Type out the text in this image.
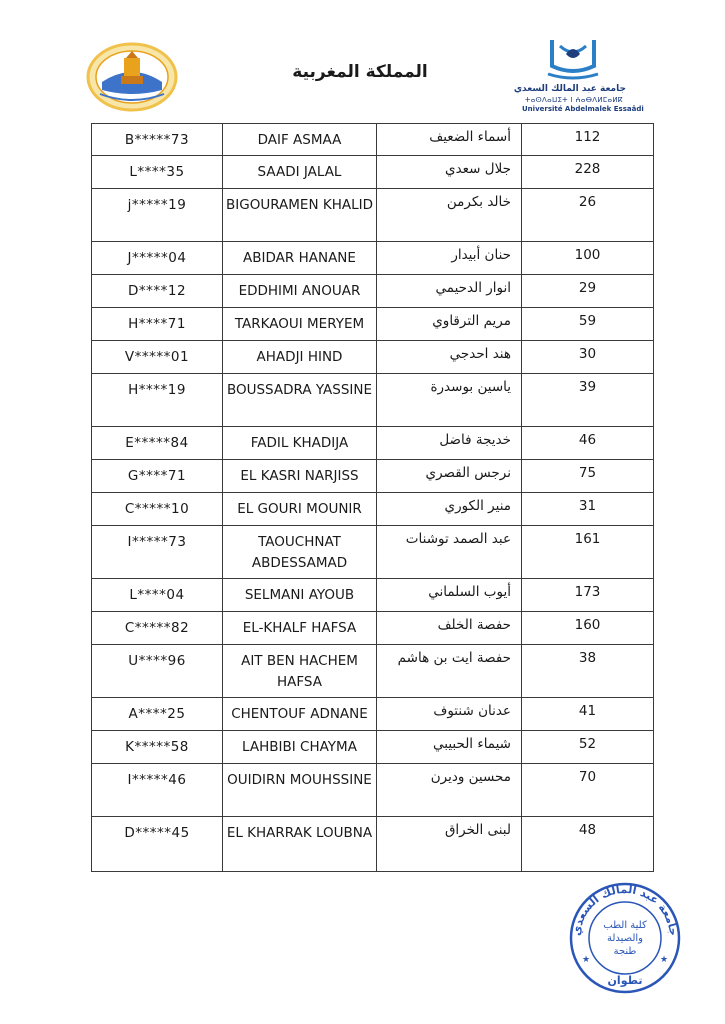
المملكة المغربية
جامعة عبد المالك السعدي
ⵜⴰⵙⴷⴰⵡⵉⵜ ⵏ ⵄⴰⴱⴷⵍⵎⴰⵍⴽ
Université Abdelmalek Essaâdi
B*****73	DAIF ASMAA	أسماء الضعيف	112
L****35	SAADI JALAL	جلال سعدي	228
j*****19	BIGOURAMEN KHALID	خالد بكرمن	26
J*****04	ABIDAR HANANE	حنان أبيدار	100
D****12	EDDHIMI ANOUAR	انوار الدحيمي	29
H****71	TARKAOUI MERYEM	مريم الترقاوي	59
V*****01	AHADJI HIND	هند احدجي	30
H****19	BOUSSADRA YASSINE	ياسين بوسدرة	39
E*****84	FADIL KHADIJA	خديجة فاضل	46
G****71	EL KASRI NARJISS	نرجس القصري	75
C*****10	EL GOURI MOUNIR	منير الكوري	31
I*****73	TAOUCHNAT ABDESSAMAD	عبد الصمد توشنات	161
L****04	SELMANI AYOUB	أيوب السلماني	173
C*****82	EL-KHALF HAFSA	حفصة الخلف	160
U****96	AIT BEN HACHEM HAFSA	حفصة ايت بن هاشم	38
A****25	CHENTOUF ADNANE	عدنان شنتوف	41
K*****58	LAHBIBI CHAYMA	شيماء الحبيبي	52
I*****46	OUIDIRN MOUHSSINE	محسين وديرن	70
D*****45	EL KHARRAK LOUBNA	لبنى الخراق	48
جامعة عبد المالك السعدي
كلية الطب
والصيدلة
طنجة
تطوان
★	★
